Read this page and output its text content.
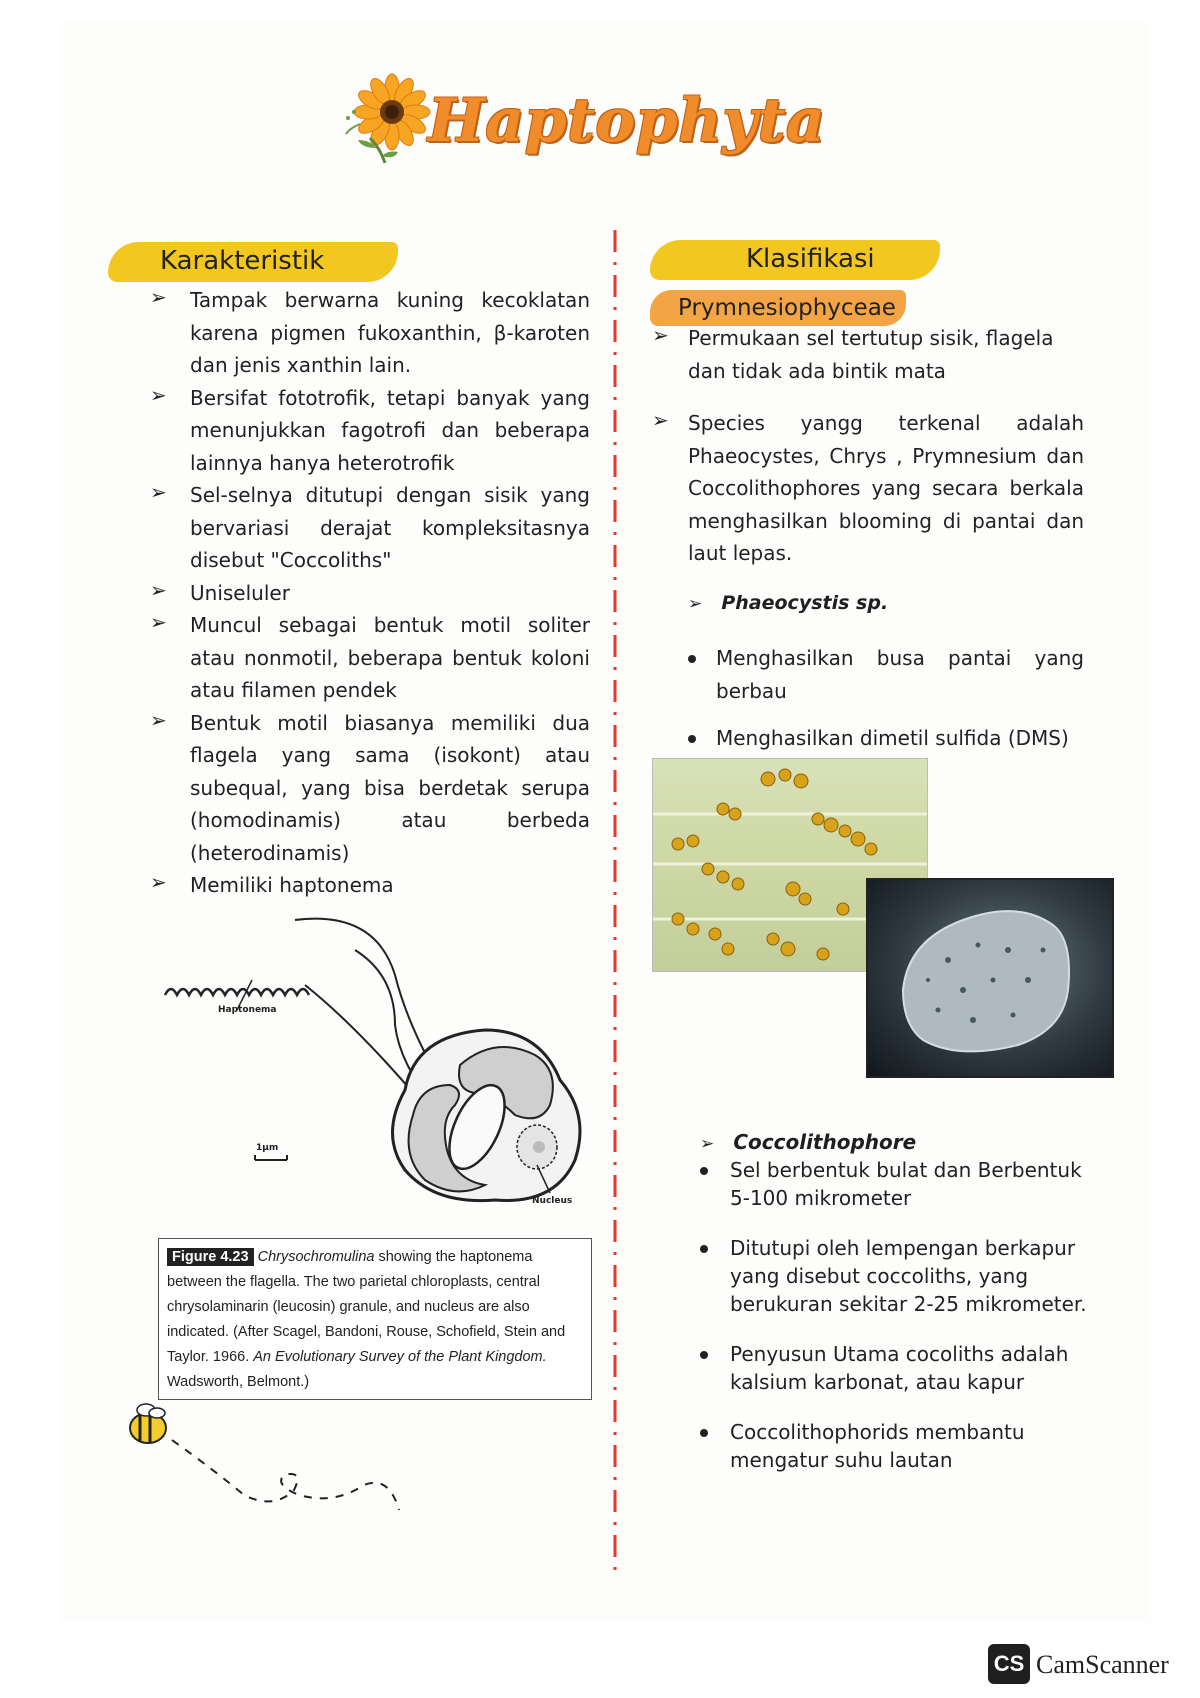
Haptophyta
Karakteristik	Klasifikasi
Prymnesiophyceae
➢ Tampak berwarna kuning kecoklatan karena pigmen fukoxanthin, β-karoten dan jenis xanthin lain.
➢ Bersifat fototrofik, tetapi banyak yang menunjukkan fagotrofi dan beberapa lainnya hanya heterotrofik
➢ Sel-selnya ditutupi dengan sisik yang bervariasi derajat kompleksitasnya disebut "Coccoliths"
➢ Uniseluler
➢ Muncul sebagai bentuk motil soliter atau nonmotil, beberapa bentuk koloni atau filamen pendek
➢ Bentuk motil biasanya memiliki dua flagela yang sama (isokont) atau subequal, yang bisa berdetak serupa (homodinamis) atau berbeda (heterodinamis)
➢ Memiliki haptonema
Haptonema
1µm
Nucleus
Figure 4.23 Chrysochromulina showing the haptonema between the flagella. The two parietal chloroplasts, central chrysolaminarin (leucosin) granule, and nucleus are also indicated. (After Scagel, Bandoni, Rouse, Schofield, Stein and Taylor. 1966. An Evolutionary Survey of the Plant Kingdom. Wadsworth, Belmont.)
➢ Permukaan sel tertutup sisik, flagela dan tidak ada bintik mata
➢ Species yangg terkenal adalah Phaeocystes, Chrys , Prymnesium dan Coccolithophores yang secara berkala menghasilkan blooming di pantai dan laut lepas.
➢ Phaeocystis sp.
Menghasilkan busa pantai yang berbau
Menghasilkan dimetil sulfida (DMS)
➢ Coccolithophore
Sel berbentuk bulat dan Berbentuk 5-100 mikrometer
Ditutupi oleh lempengan berkapur yang disebut coccoliths, yang berukuran sekitar 2-25 mikrometer.
Penyusun Utama cocoliths adalah kalsium karbonat, atau kapur
Coccolithophorids membantu mengatur suhu lautan
CS CamScanner
